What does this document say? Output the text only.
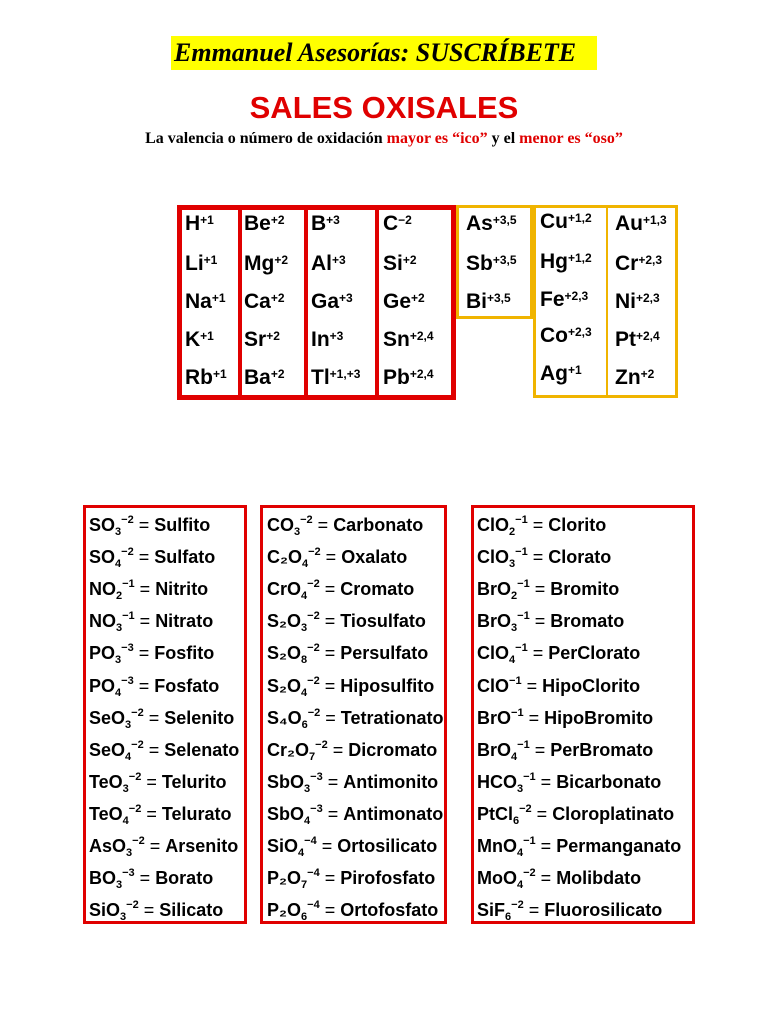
Emmanuel Asesorías: SUSCRÍBETE
SALES OXISALES
La valencia o número de oxidación mayor es “ico” y el menor es “oso”
$H^{+1}$
$Li^{+1}$
$Na^{+1}$
$K^{+1}$
$Rb^{+1}$
$Be^{+2}$
$Mg^{+2}$
$Ca^{+2}$
$Sr^{+2}$
$Ba^{+2}$
$B^{+3}$
$Al^{+3}$
$Ga^{+3}$
$In^{+3}$
$Tl^{+1,+3}$
$C^{-2}$
$Si^{+2}$
$Ge^{+2}$
$Sn^{+2,4}$
$Pb^{+2,4}$
$As^{+3,5}$
$Sb^{+3,5}$
$Bi^{+3,5}$
$Cu^{+1,2}$
$Hg^{+1,2}$
$Fe^{+2,3}$
$Co^{+2,3}$
$Ag^{+1}$
$Au^{+1,3}$
$Cr^{+2,3}$
$Ni^{+2,3}$
$Pt^{+2,4}$
$Zn^{+2}$
$SO_3^{-2}$ = Sulfito
$SO_4^{-2}$ = Sulfato
$NO_2^{-1}$ = Nitrito
$NO_3^{-1}$ = Nitrato
$PO_3^{-3}$ = Fosfito
$PO_4^{-3}$ = Fosfato
SeO$_3^{-2}$ = Selenito
SeO$_4^{-2}$ = Selenato
TeO$_3^{-2}$ = Telurito
TeO$_4^{-2}$ = Telurato
AsO$_3^{-2}$ = Arsenito
$BO_3^{-3}$ = Borato
SiO$_3^{-2}$ = Silicato
$CO_3^{-2}$ = Carbonato
$C_2O_4^{-2}$ = Oxalato
CrO$_4^{-2}$ = Cromato
$S_2O_3^{-2}$ = Tiosulfato
$S_2O_8^{-2}$ = Persulfato
$S_2O_4^{-2}$ = Hiposulfito
$S_4O_6^{-2}$ = Tetrationato
$Cr_2O_7^{-2}$ = Dicromato
SbO$_3^{-3}$ = Antimonito
SbO$_4^{-3}$ = Antimonato
SiO$_4^{-4}$ = Ortosilicato
$P_2O_7^{-4}$ = Pirofosfato
$P_2O_6^{-4}$ = Ortofosfato
ClO$_2^{-1}$ = Clorito
ClO$_3^{-1}$ = Clorato
BrO$_2^{-1}$ = Bromito
BrO$_3^{-1}$ = Bromato
ClO$_4^{-1}$ = PerClorato
ClO$^{-1}$ = HipoClorito
BrO$^{-1}$ = HipoBromito
BrO$_4^{-1}$ = PerBromato
$HCO_3^{-1}$ = Bicarbonato
PtCl$_6^{-2}$ = Cloroplatinato
MnO$_4^{-1}$ = Permanganato
MoO$_4^{-2}$ = Molibdato
SiF$_6^{-2}$ = Fluorosilicato
